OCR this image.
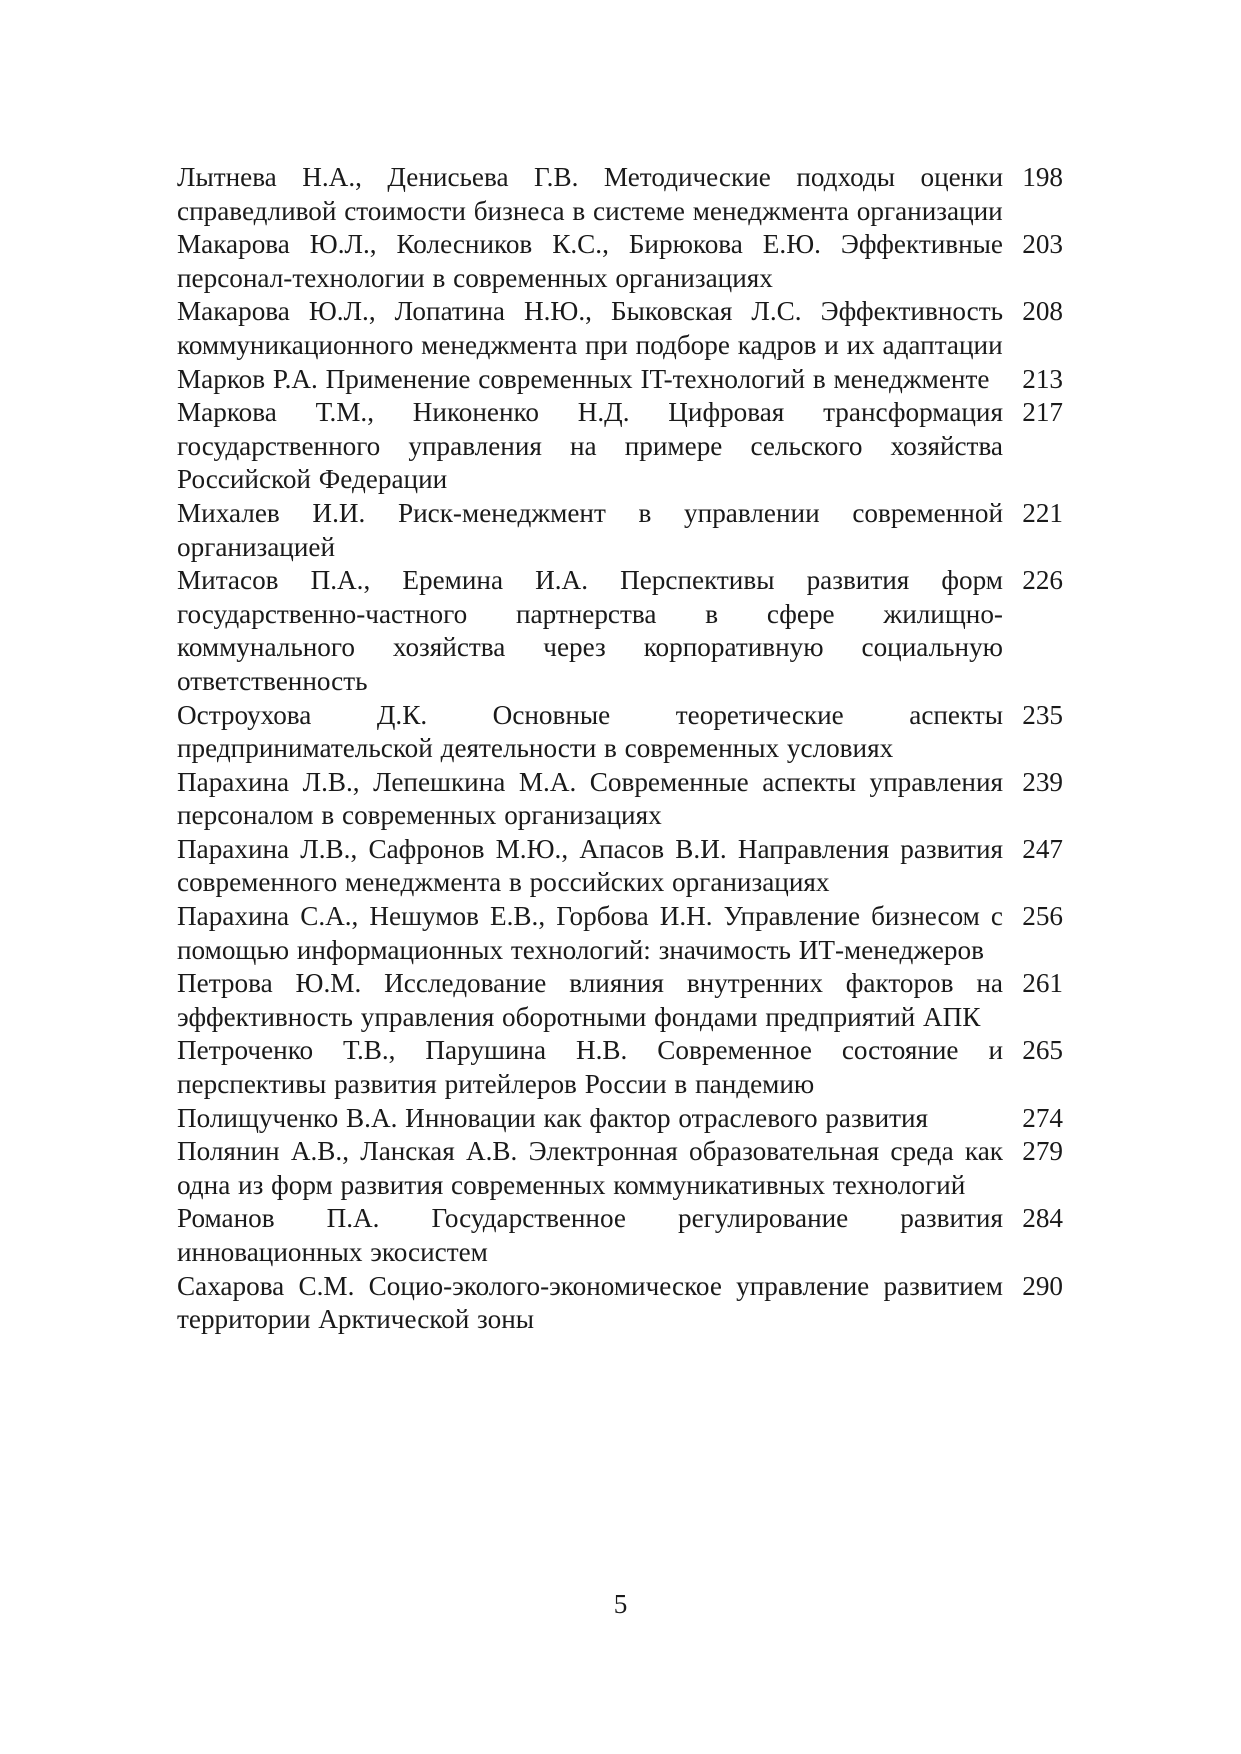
Лытнева Н.А., Денисьева Г.В. Методические подходы оценки справедливой стоимости бизнеса в системе менеджмента организации
198
Макарова Ю.Л., Колесников К.С., Бирюкова Е.Ю. Эффективные персонал-технологии в современных организациях
203
Макарова Ю.Л., Лопатина Н.Ю., Быковская Л.С. Эффективность коммуникационного менеджмента при подборе кадров и их адаптации
208
Марков Р.А. Применение современных IT-технологий в менеджменте	213
Маркова Т.М., Никоненко Н.Д. Цифровая трансформация государственного управления на примере сельского хозяйства Российской Федерации
217
Михалев И.И. Риск-менеджмент в управлении современной организацией
221
Митасов П.А., Еремина И.А. Перспективы развития форм государственно-частного партнерства в сфере жилищно-коммунального хозяйства через корпоративную социальную ответственность
226
Остроухова Д.К. Основные теоретические аспекты предпринимательской деятельности в современных условиях
235
Парахина Л.В., Лепешкина М.А. Современные аспекты управления персоналом в современных организациях
239
Парахина Л.В., Сафронов М.Ю., Апасов В.И. Направления развития современного менеджмента в российских организациях
247
Парахина С.А., Нешумов Е.В., Горбова И.Н. Управление бизнесом с помощью информационных технологий: значимость ИТ-менеджеров
256
Петрова Ю.М. Исследование влияния внутренних факторов на эффективность управления оборотными фондами предприятий АПК
261
Петроченко Т.В., Парушина Н.В. Современное состояние и перспективы развития ритейлеров России в пандемию
265
Полищученко В.А. Инновации как фактор отраслевого развития	274
Полянин А.В., Ланская А.В. Электронная образовательная среда как одна из форм развития современных коммуникативных технологий
279
Романов П.А. Государственное регулирование развития инновационных экосистем
284
Сахарова С.М. Социо-эколого-экономическое управление развитием территории Арктической зоны
290
5
